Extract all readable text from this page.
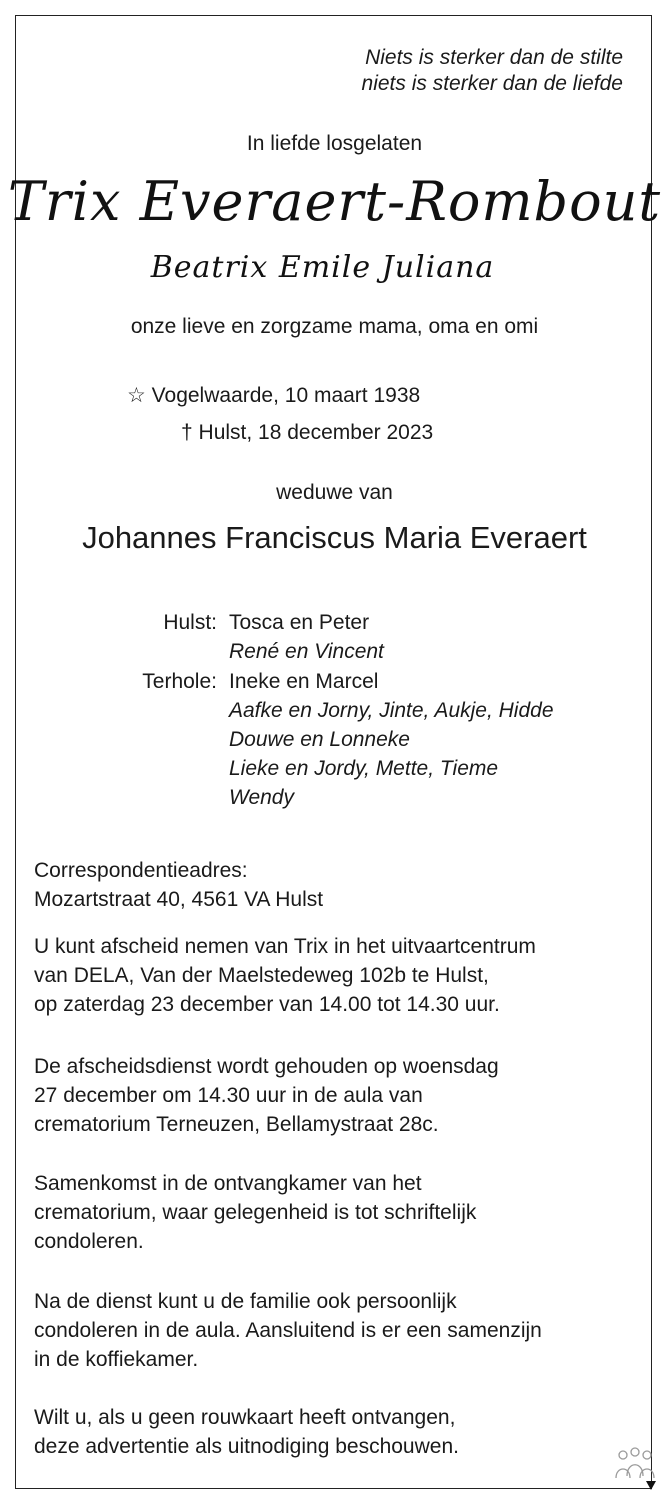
Niets is sterker dan de stilte
niets is sterker dan de liefde
In liefde losgelaten
Trix Everaert-Rombout
Beatrix Emile Juliana
onze lieve en zorgzame mama, oma en omi
☆ Vogelwaarde, 10 maart 1938
† Hulst, 18 december 2023
weduwe van
Johannes Franciscus Maria Everaert
Hulst: Tosca en Peter
René en Vincent
Terhole: Ineke en Marcel
Aafke en Jorny, Jinte, Aukje, Hidde
Douwe en Lonneke
Lieke en Jordy, Mette, Tieme
Wendy
Correspondentieadres:
Mozartstraat 40, 4561 VA Hulst
U kunt afscheid nemen van Trix in het uitvaartcentrum
van DELA, Van der Maelstedeweg 102b te Hulst,
op zaterdag 23 december van 14.00 tot 14.30 uur.
De afscheidsdienst wordt gehouden op woensdag
27 december om 14.30 uur in de aula van
crematorium Terneuzen, Bellamystraat 28c.
Samenkomst in de ontvangkamer van het
crematorium, waar gelegenheid is tot schriftelijk
condoleren.
Na de dienst kunt u de familie ook persoonlijk
condoleren in de aula. Aansluitend is er een samenzijn
in de koffiekamer.
Wilt u, als u geen rouwkaart heeft ontvangen,
deze advertentie als uitnodiging beschouwen.
